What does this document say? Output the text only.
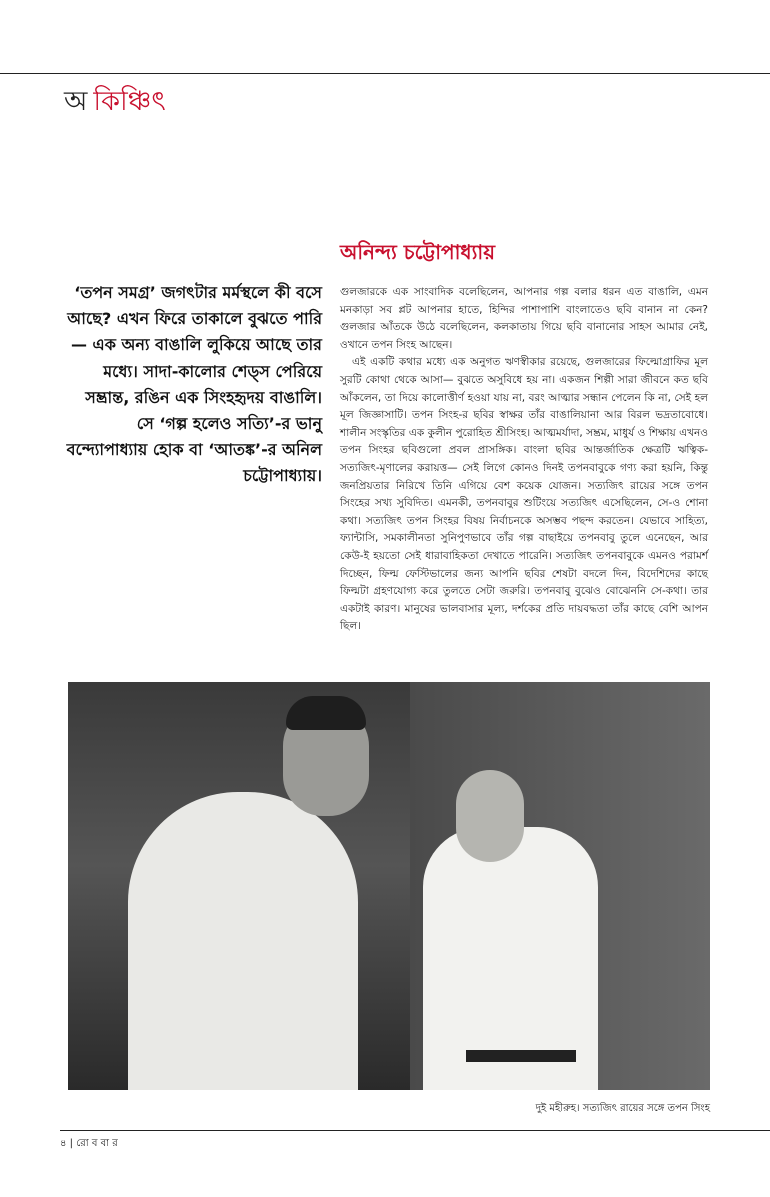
অ কিঞ্চিৎ
অনিন্দ্য চট্টোপাধ্যায়
‘তপন সমগ্র’ জগৎটার মর্মস্থলে কী বসে আছে? এখন ফিরে তাকালে বুঝতে পারি— এক অন্য বাঙালি লুকিয়ে আছে তার মধ্যে। সাদা-কালোর শেড্‌স পেরিয়ে সম্ভ্রান্ত, রঙিন এক সিংহহৃদয় বাঙালি। সে ‘গল্প হলেও সত্যি’-র ভানু বন্দ্যোপাধ্যায় হোক বা ‘আতঙ্ক’-র অনিল চট্টোপাধ্যায়।

গুলজারকে এক সাংবাদিক বলেছিলেন, আপনার গল্প বলার ধরন এত বাঙালি, এমন মনকাড়া সব প্লট আপনার হাতে, হিন্দির পাশাপাশি বাংলাতেও ছবি বানান না কেন? গুলজার আঁতকে উঠে বলেছিলেন, কলকাতায় গিয়ে ছবি বানানোর সাহস আমার নেই, ওখানে তপন সিংহ আছেন।

এই একটি কথার মধ্যে এক অনুগত ঋণস্বীকার রয়েছে, গুলজারের ফিল্মোগ্রাফির মূল সুরটি কোথা থেকে আসা— বুঝতে অসুবিধে হয় না। একজন শিল্পী সারা জীবনে কত ছবি আঁকলেন, তা দিয়ে কালোত্তীর্ণ হওয়া যায় না, বরং আত্মার সন্ধান পেলেন কি না, সেই হল মূল জিজ্ঞাসাটি। তপন সিংহ-র ছবির স্বাক্ষর তাঁর বাঙালিয়ানা আর বিরল ভদ্রতাবোধে। শালীন সংস্কৃতির এক কুলীন পুরোহিত শ্রীসিংহ। আত্মমর্যাদা, সম্ভ্রম, মাধুর্য ও শিক্ষায় এখনও তপন সিংহর ছবিগুলো প্রবল প্রাসঙ্গিক। বাংলা ছবির আন্তর্জাতিক ক্ষেত্রটি ঋত্বিক-সত্যজিৎ-মৃণালের করায়ত্ত— সেই লিগে কোনও দিনই তপনবাবুকে গণ্য করা হয়নি, কিন্তু জনপ্রিয়তার নিরিখে তিনি এগিয়ে বেশ কয়েক যোজন। সত্যজিৎ রায়ের সঙ্গে তপন সিংহের সখ্য সুবিদিত। এমনকী, তপনবাবুর শুটিংয়ে সত্যজিৎ এসেছিলেন, সে-ও শোনা কথা। সত্যজিৎ তপন সিংহর বিষয় নির্বাচনকে অসম্ভব পছন্দ করতেন। যেভাবে সাহিত্য, ফ্যান্টাসি, সমকালীনতা সুনিপুণভাবে তাঁর গল্প বাছাইয়ে তপনবাবু তুলে এনেছেন, আর কেউ-ই হয়তো সেই ধারাবাহিকতা দেখাতে পারেনি। সত্যজিৎ তপনবাবুকে এমনও পরামর্শ দিচ্ছেন, ফিল্ম ফেস্টিভালের জন্য আপনি ছবির শেষটা বদলে দিন, বিদেশিদের কাছে ফিল্মটা গ্রহণযোগ্য করে তুলতে সেটা জরুরি। তপনবাবু বুঝেও বোঝেননি সে-কথা। তার একটাই কারণ। মানুষের ভালবাসার মূল্য, দর্শকের প্রতি দায়বদ্ধতা তাঁর কাছে বেশি আপন ছিল।

দুই মহীরুহ। সত্যজিৎ রায়ের সঙ্গে তপন সিংহ
৪ | রো ব বা র
